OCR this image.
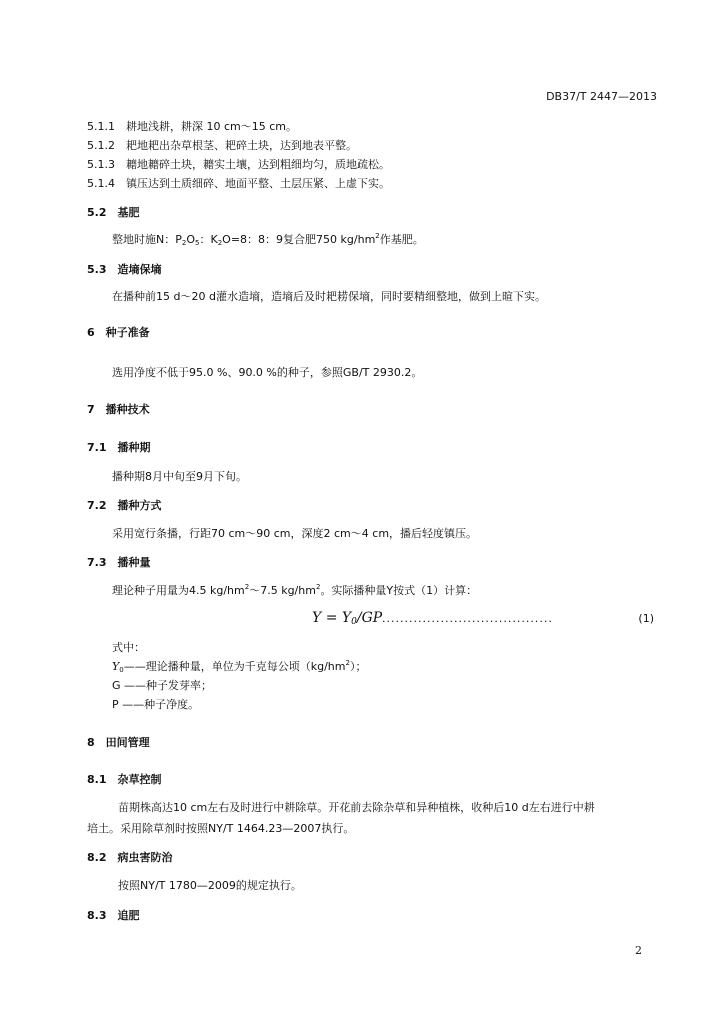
DB37/T 2447—2013
5.1.1　耕地浅耕，耕深 10 cm～15 cm。
5.1.2　耙地耙出杂草根茎、耙碎土块，达到地表平整。
5.1.3　耱地耱碎土块，耱实土壤，达到粗细均匀，质地疏松。
5.1.4　镇压达到土质细碎、地面平整、土层压紧、上虚下实。
5.2　基肥
整地时施N：P2O5：K2O=8：8：9复合肥750 $kg/hm^2$作基肥。
5.3　造墒保墒
在播种前15 d～20 d灌水造墒，造墒后及时耙耢保墒，同时要精细整地，做到上暄下实。
6　种子准备
选用净度不低于95.0 %、90.0 %的种子，参照GB/T 2930.2。
7　播种技术
7.1　播种期
播种期8月中旬至9月下旬。
7.2　播种方式
采用宽行条播，行距70 cm～90 cm，深度2 cm～4 cm，播后轻度镇压。
7.3　播种量
理论种子用量为4.5 $kg/hm^2\sim 7.5$ $kg/hm^2$。实际播种量Y按式（1）计算：
Y = Y0/GP ......................................	(1)
式中：
Y0——理论播种量，单位为千克每公顷$(kg/hm^2)$；
G ——种子发芽率；
P ——种子净度。
8　田间管理
8.1　杂草控制
苗期株高达10 cm左右及时进行中耕除草。开花前去除杂草和异种植株，收种后10 d左右进行中耕
培土。采用除草剂时按照NY/T 1464.23—2007执行。
8.2　病虫害防治
按照NY/T 1780—2009的规定执行。
8.3　追肥
2
